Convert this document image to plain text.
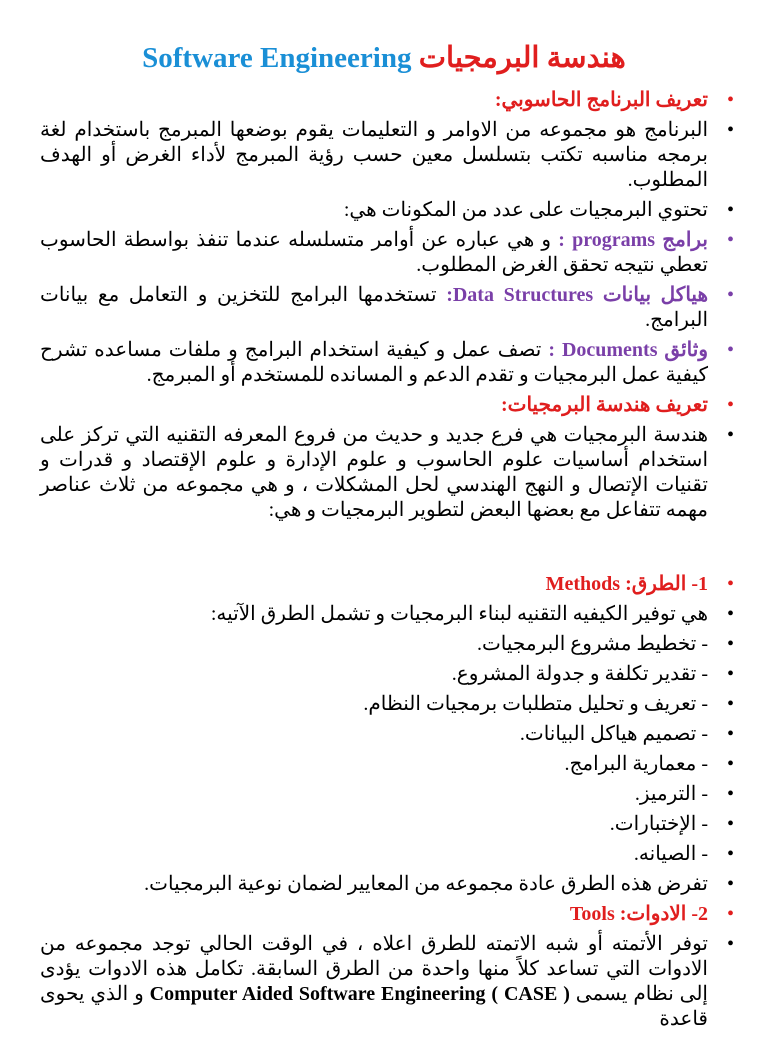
Software Engineering هندسة البرمجيات
• تعريف البرنامج الحاسوبي:
• البرنامج هو مجموعه من الاوامر و التعليمات يقوم بوضعها المبرمج باستخدام لغة برمجه مناسبه تكتب بتسلسل معين حسب رؤية المبرمج لأداء الغرض أو الهدف المطلوب.
• تحتوي البرمجيات على عدد من المكونات هي:
• برامج programs : و هي عباره عن أوامر متسلسله عندما تنفذ بواسطة الحاسوب تعطي نتيجه تحقق الغرض المطلوب.
• هياكل بيانات Data Structures: تستخدمها البرامج للتخزين و التعامل مع بيانات البرامج.
• وثائق Documents : تصف عمل و كيفية استخدام البرامج و ملفات مساعده تشرح كيفية عمل البرمجيات و تقدم الدعم و المسانده للمستخدم أو المبرمج.
• تعريف هندسة البرمجيات:
• هندسة البرمجيات هي فرع جديد و حديث من فروع المعرفه التقنيه التي تركز على استخدام أساسيات علوم الحاسوب و علوم الإدارة و علوم الإقتصاد و قدرات و تقنيات الإتصال و النهج الهندسي لحل المشكلات ، و هي مجموعه من ثلاث عناصر مهمه تتفاعل مع بعضها البعض لتطوير البرمجيات و هي:
• 1- الطرق: Methods
• هي توفير الكيفيه التقنيه لبناء البرمجيات و تشمل الطرق الآتيه:
• - تخطيط مشروع البرمجيات.
• - تقدير تكلفة و جدولة المشروع.
• - تعريف و تحليل متطلبات برمجيات النظام.
• - تصميم هياكل البيانات.
• - معمارية البرامج.
• - الترميز.
• - الإختبارات.
• - الصيانه.
• تفرض هذه الطرق عادة مجموعه من المعايير لضمان نوعية البرمجيات.
• 2- الادوات: Tools
• توفر الأتمته أو شبه الاتمته للطرق اعلاه ، في الوقت الحالي توجد مجموعه من الادوات التي تساعد كلاً منها واحدة من الطرق السابقة. تكامل هذه الادوات يؤدى إلى نظام يسمى Computer Aided Software Engineering ( CASE ) و الذي يحوى قاعدة
